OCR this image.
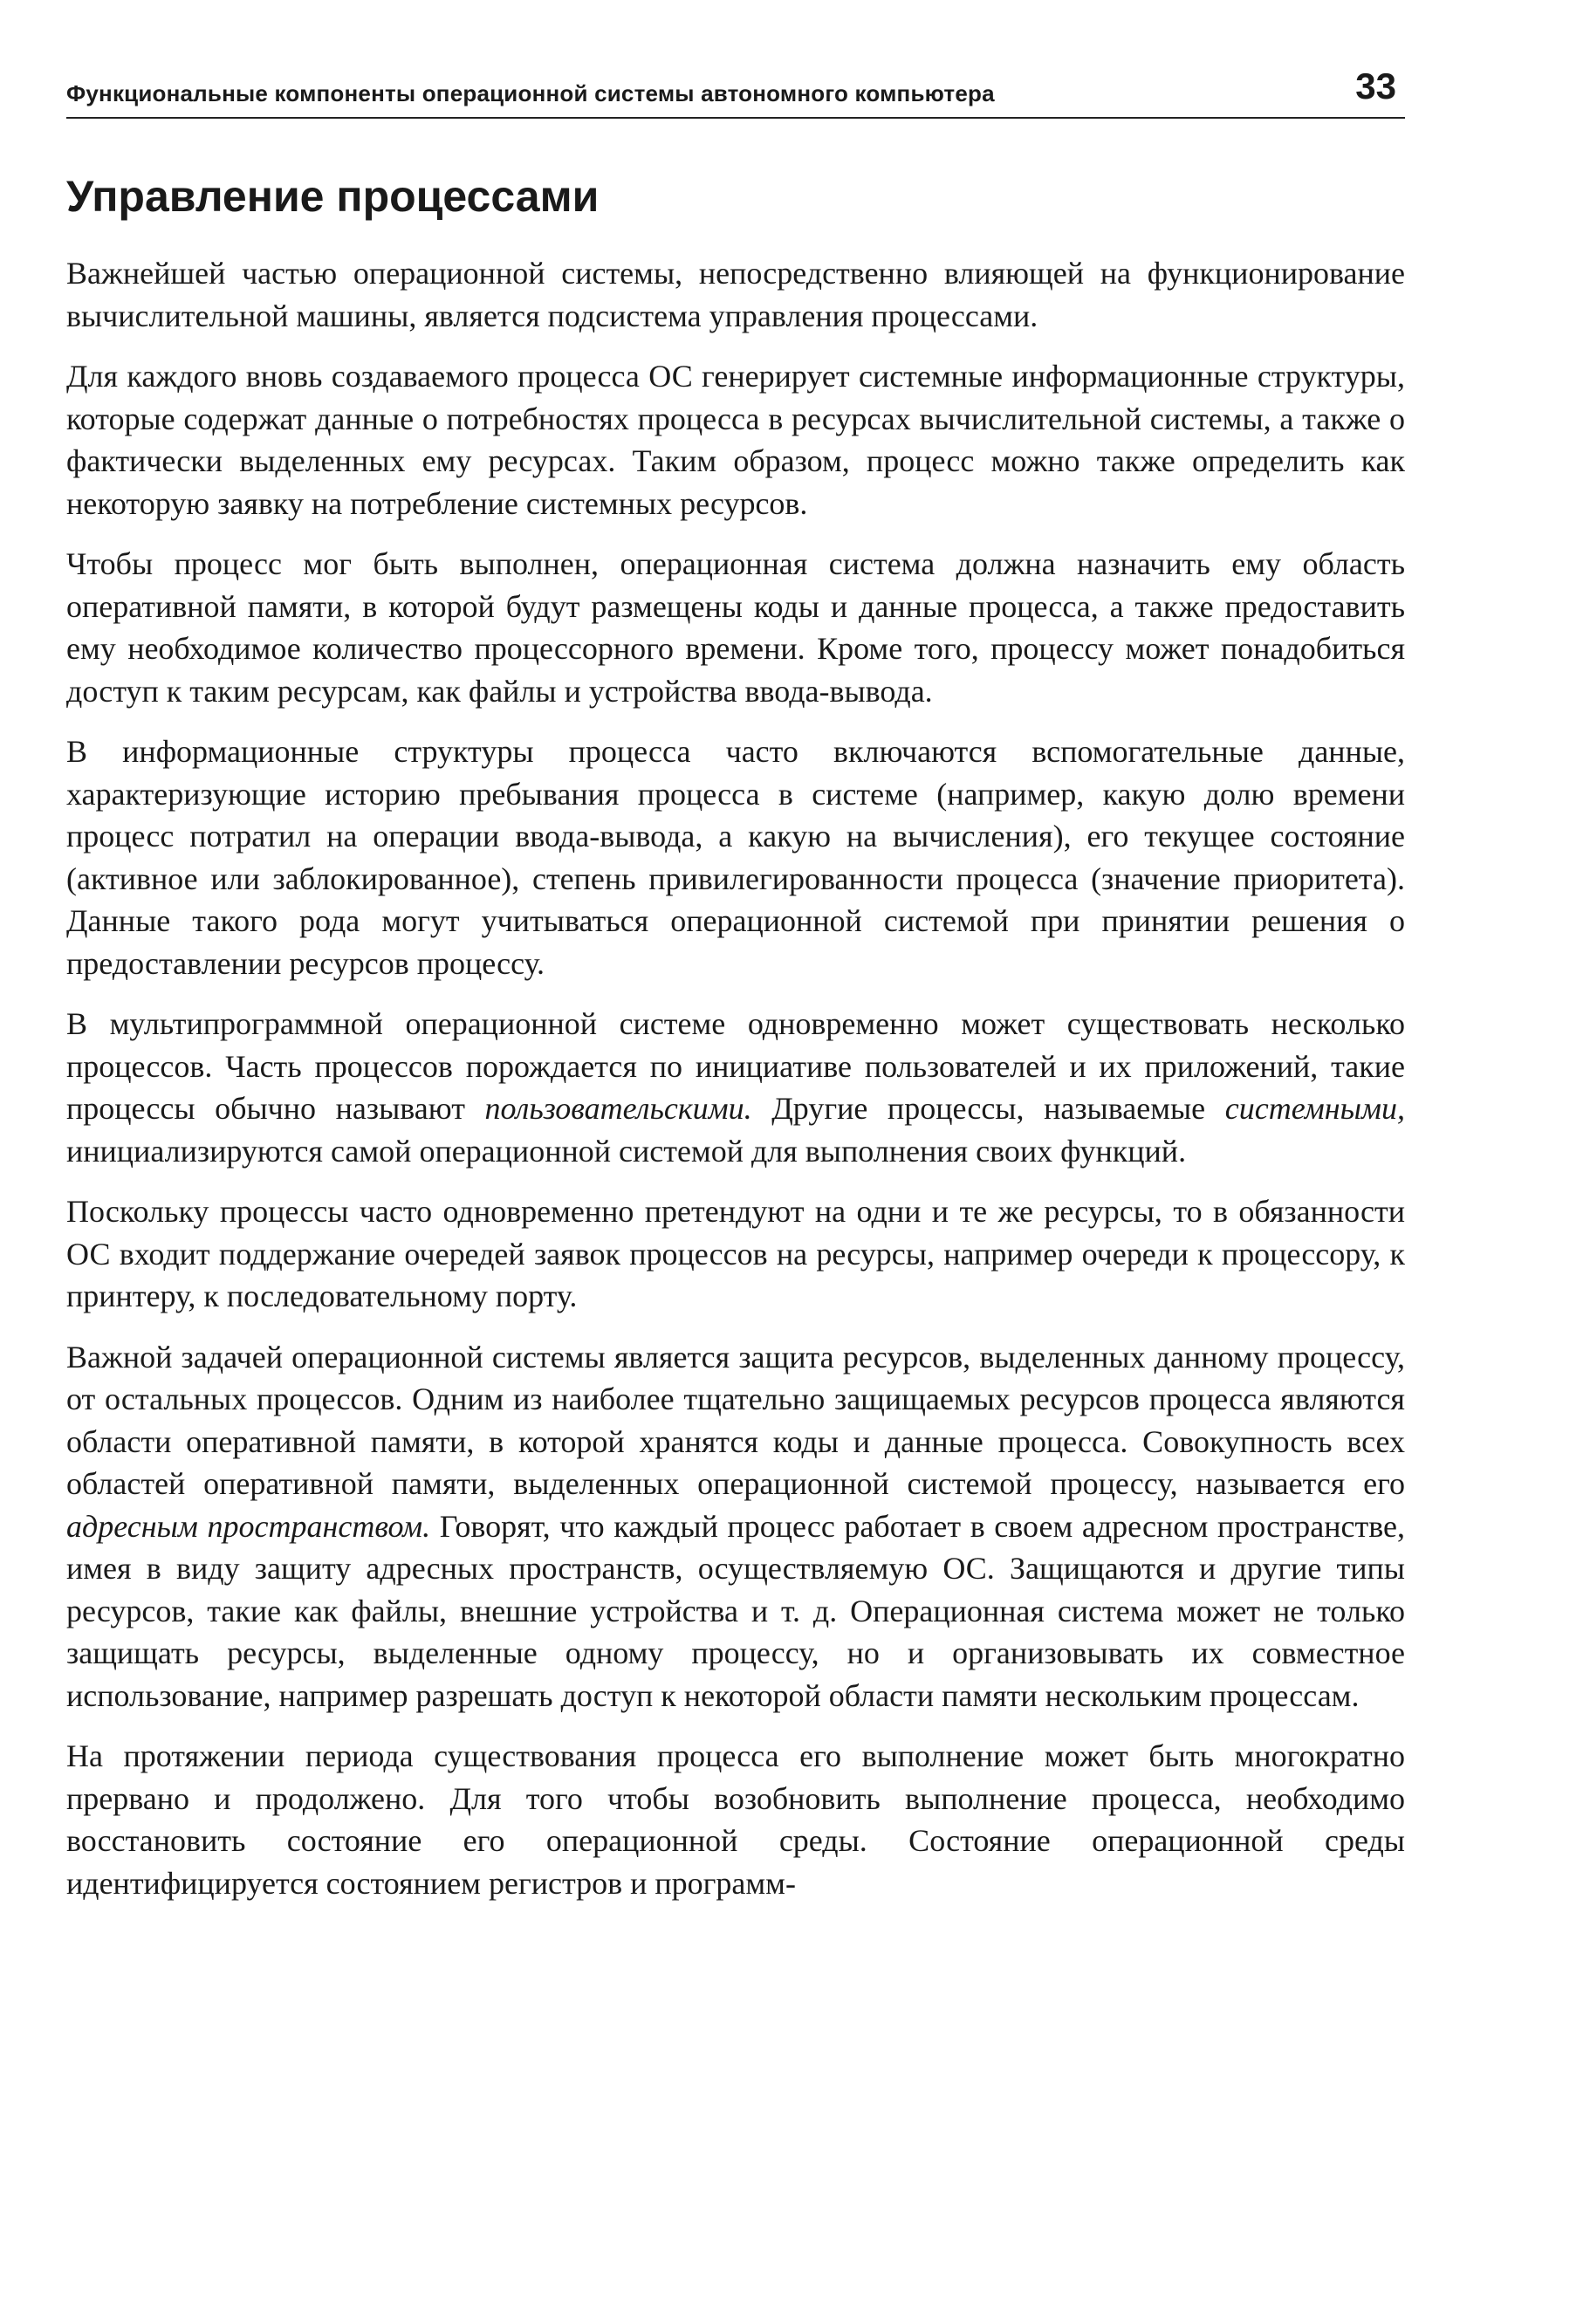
Функциональные компоненты операционной системы автономного компьютера	33
Управление процессами

Важнейшей частью операционной системы, непосредственно влияющей на функционирование вычислительной машины, является подсистема управления процессами.

Для каждого вновь создаваемого процесса ОС генерирует системные информационные структуры, которые содержат данные о потребностях процесса в ресурсах вычислительной системы, а также о фактически выделенных ему ресурсах. Таким образом, процесс можно также определить как некоторую заявку на потребление системных ресурсов.

Чтобы процесс мог быть выполнен, операционная система должна назначить ему область оперативной памяти, в которой будут размещены коды и данные процесса, а также предоставить ему необходимое количество процессорного времени. Кроме того, процессу может понадобиться доступ к таким ресурсам, как файлы и устройства ввода-вывода.

В информационные структуры процесса часто включаются вспомогательные данные, характеризующие историю пребывания процесса в системе (например, какую долю времени процесс потратил на операции ввода-вывода, а какую на вычисления), его текущее состояние (активное или заблокированное), степень привилегированности процесса (значение приоритета). Данные такого рода могут учитываться операционной системой при принятии решения о предоставлении ресурсов процессу.

В мультипрограммной операционной системе одновременно может существовать несколько процессов. Часть процессов порождается по инициативе пользователей и их приложений, такие процессы обычно называют пользовательскими. Другие процессы, называемые системными, инициализируются самой операционной системой для выполнения своих функций.

Поскольку процессы часто одновременно претендуют на одни и те же ресурсы, то в обязанности ОС входит поддержание очередей заявок процессов на ресурсы, например очереди к процессору, к принтеру, к последовательному порту.

Важной задачей операционной системы является защита ресурсов, выделенных данному процессу, от остальных процессов. Одним из наиболее тщательно защищаемых ресурсов процесса являются области оперативной памяти, в которой хранятся коды и данные процесса. Совокупность всех областей оперативной памяти, выделенных операционной системой процессу, называется его адресным пространством. Говорят, что каждый процесс работает в своем адресном пространстве, имея в виду защиту адресных пространств, осуществляемую ОС. Защищаются и другие типы ресурсов, такие как файлы, внешние устройства и т. д. Операционная система может не только защищать ресурсы, выделенные одному процессу, но и организовывать их совместное использование, например разрешать доступ к некоторой области памяти нескольким процессам.

На протяжении периода существования процесса его выполнение может быть многократно прервано и продолжено. Для того чтобы возобновить выполнение процесса, необходимо восстановить состояние его операционной среды. Состояние операционной среды идентифицируется состоянием регистров и программ-
